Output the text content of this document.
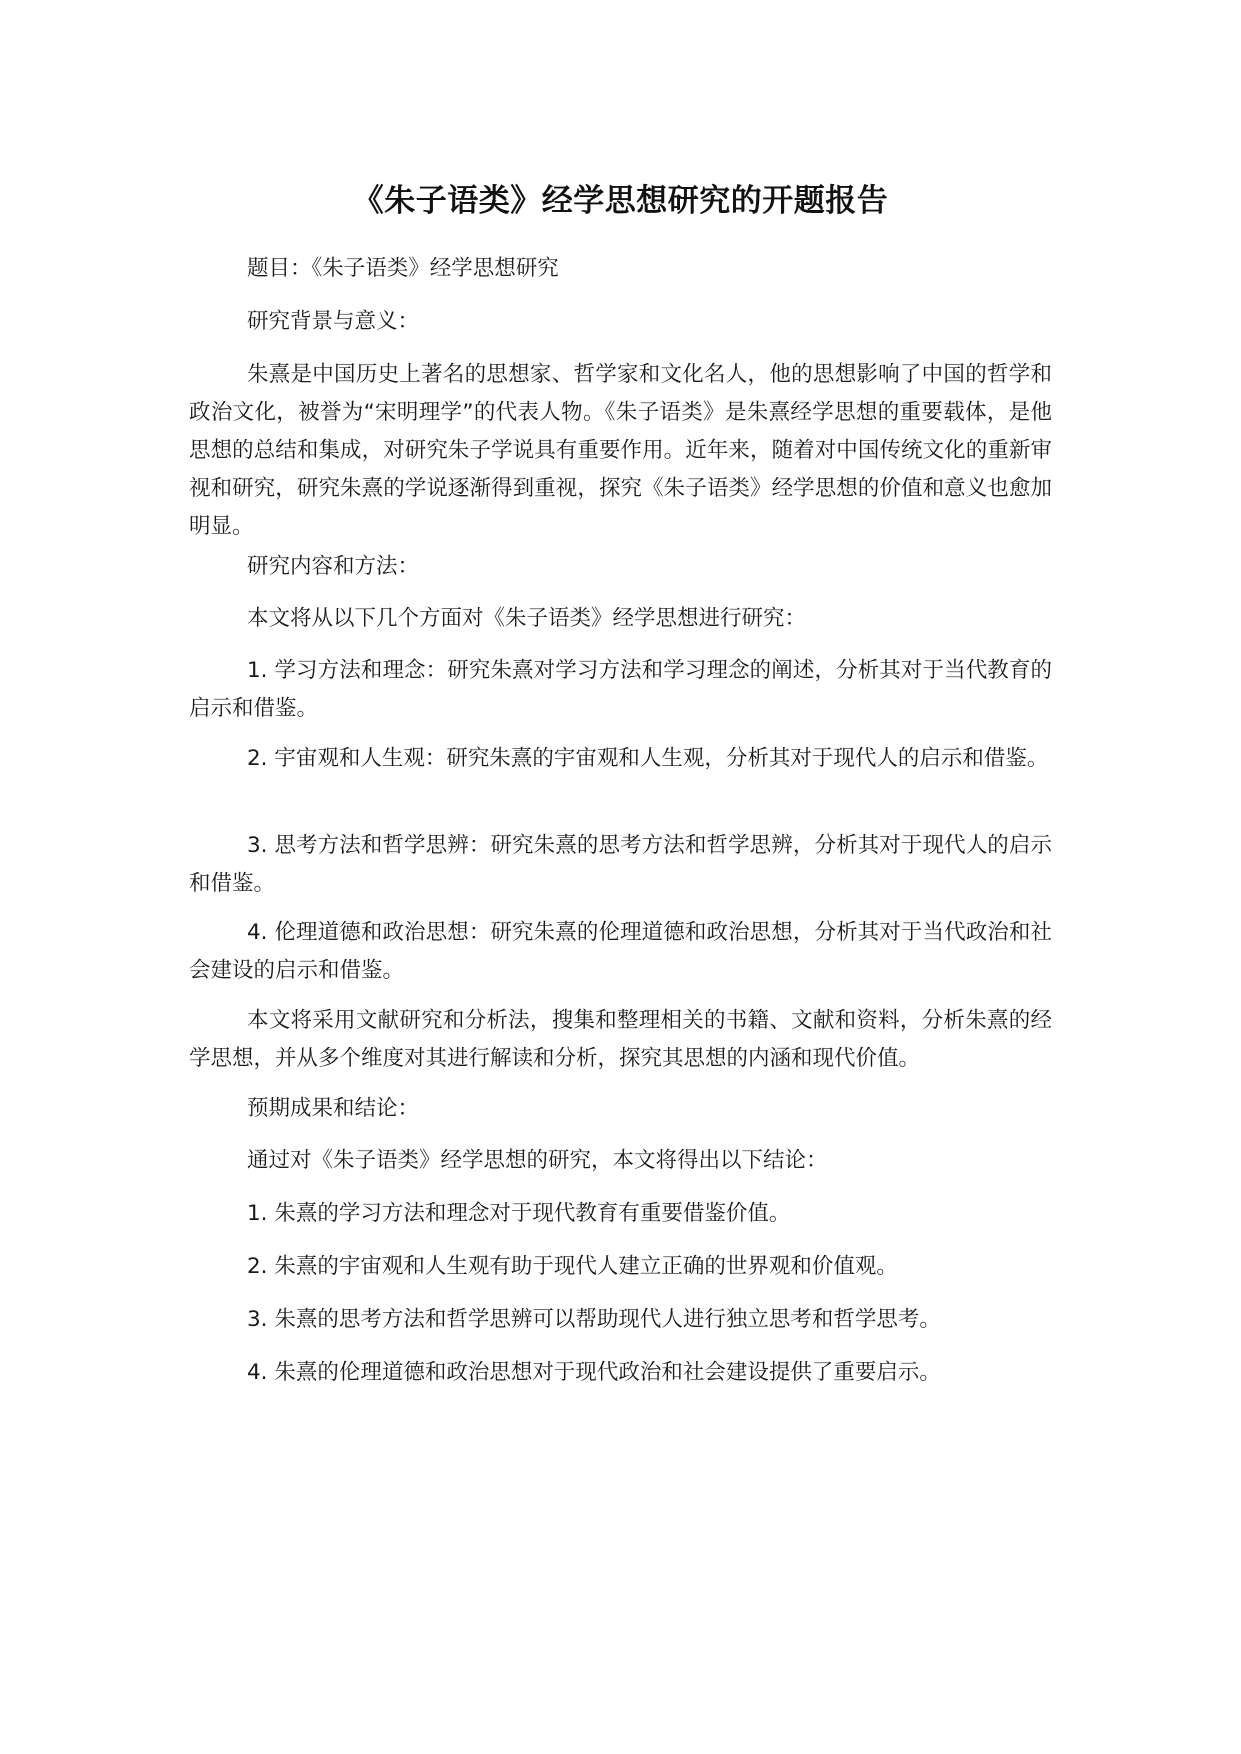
《朱子语类》经学思想研究的开题报告

题目：《朱子语类》经学思想研究

研究背景与意义：

朱熹是中国历史上著名的思想家、哲学家和文化名人，他的思想影响了中国的哲学和政治文化，被誉为“宋明理学”的代表人物。《朱子语类》是朱熹经学思想的重要载体，是他思想的总结和集成，对研究朱子学说具有重要作用。近年来，随着对中国传统文化的重新审视和研究，研究朱熹的学说逐渐得到重视，探究《朱子语类》经学思想的价值和意义也愈加明显。

研究内容和方法：

本文将从以下几个方面对《朱子语类》经学思想进行研究：

1. 学习方法和理念：研究朱熹对学习方法和学习理念的阐述，分析其对于当代教育的启示和借鉴。

2. 宇宙观和人生观：研究朱熹的宇宙观和人生观，分析其对于现代人的启示和借鉴。

3. 思考方法和哲学思辨：研究朱熹的思考方法和哲学思辨，分析其对于现代人的启示和借鉴。

4. 伦理道德和政治思想：研究朱熹的伦理道德和政治思想，分析其对于当代政治和社会建设的启示和借鉴。

本文将采用文献研究和分析法，搜集和整理相关的书籍、文献和资料，分析朱熹的经学思想，并从多个维度对其进行解读和分析，探究其思想的内涵和现代价值。

预期成果和结论：

通过对《朱子语类》经学思想的研究，本文将得出以下结论：

1. 朱熹的学习方法和理念对于现代教育有重要借鉴价值。

2. 朱熹的宇宙观和人生观有助于现代人建立正确的世界观和价值观。

3. 朱熹的思考方法和哲学思辨可以帮助现代人进行独立思考和哲学思考。

4. 朱熹的伦理道德和政治思想对于现代政治和社会建设提供了重要启示。
